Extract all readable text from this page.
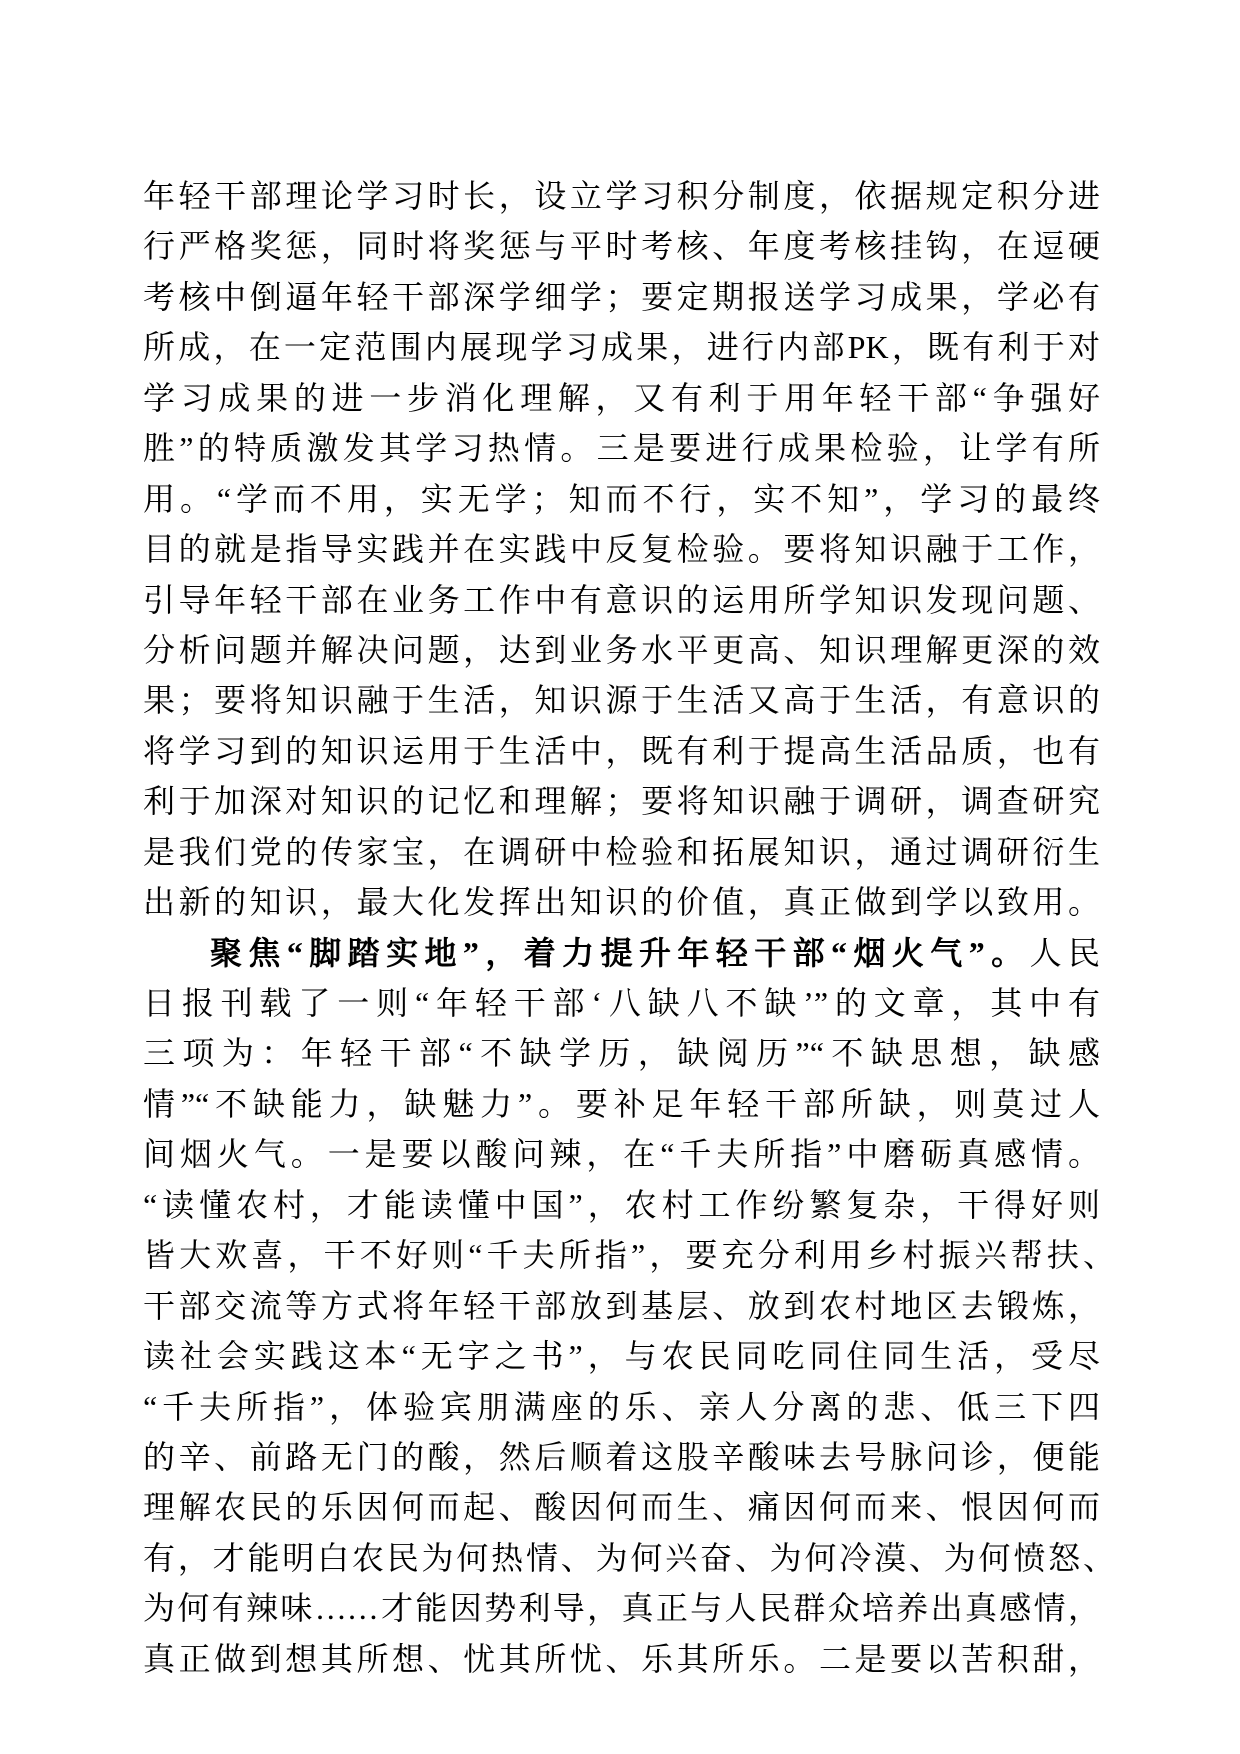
年轻干部理论学习时长，设立学习积分制度，依据规定积分进
行严格奖惩，同时将奖惩与平时考核、年度考核挂钩，在逗硬
考核中倒逼年轻干部深学细学；要定期报送学习成果，学必有
所成，在一定范围内展现学习成果，进行内部PK，既有利于对
学习成果的进一步消化理解，又有利于用年轻干部“争强好
胜”的特质激发其学习热情。三是要进行成果检验，让学有所
用。“学而不用，实无学；知而不行，实不知”，学习的最终
目的就是指导实践并在实践中反复检验。要将知识融于工作，
引导年轻干部在业务工作中有意识的运用所学知识发现问题、
分析问题并解决问题，达到业务水平更高、知识理解更深的效
果；要将知识融于生活，知识源于生活又高于生活，有意识的
将学习到的知识运用于生活中，既有利于提高生活品质，也有
利于加深对知识的记忆和理解；要将知识融于调研，调查研究
是我们党的传家宝，在调研中检验和拓展知识，通过调研衍生
出新的知识，最大化发挥出知识的价值，真正做到学以致用。
聚焦“脚踏实地”，着力提升年轻干部“烟火气”。人民
日报刊载了一则“年轻干部‘八缺八不缺’”的文章，其中有
三项为：年轻干部“不缺学历，缺阅历”“不缺思想，缺感
情”“不缺能力，缺魅力”。要补足年轻干部所缺，则莫过人
间烟火气。一是要以酸问辣，在“千夫所指”中磨砺真感情。
“读懂农村，才能读懂中国”，农村工作纷繁复杂，干得好则
皆大欢喜，干不好则“千夫所指”，要充分利用乡村振兴帮扶、
干部交流等方式将年轻干部放到基层、放到农村地区去锻炼，
读社会实践这本“无字之书”，与农民同吃同住同生活，受尽
“千夫所指”，体验宾朋满座的乐、亲人分离的悲、低三下四
的辛、前路无门的酸，然后顺着这股辛酸味去号脉问诊，便能
理解农民的乐因何而起、酸因何而生、痛因何而来、恨因何而
有，才能明白农民为何热情、为何兴奋、为何冷漠、为何愤怒、
为何有辣味……才能因势利导，真正与人民群众培养出真感情，
真正做到想其所想、忧其所忧、乐其所乐。二是要以苦积甜，
